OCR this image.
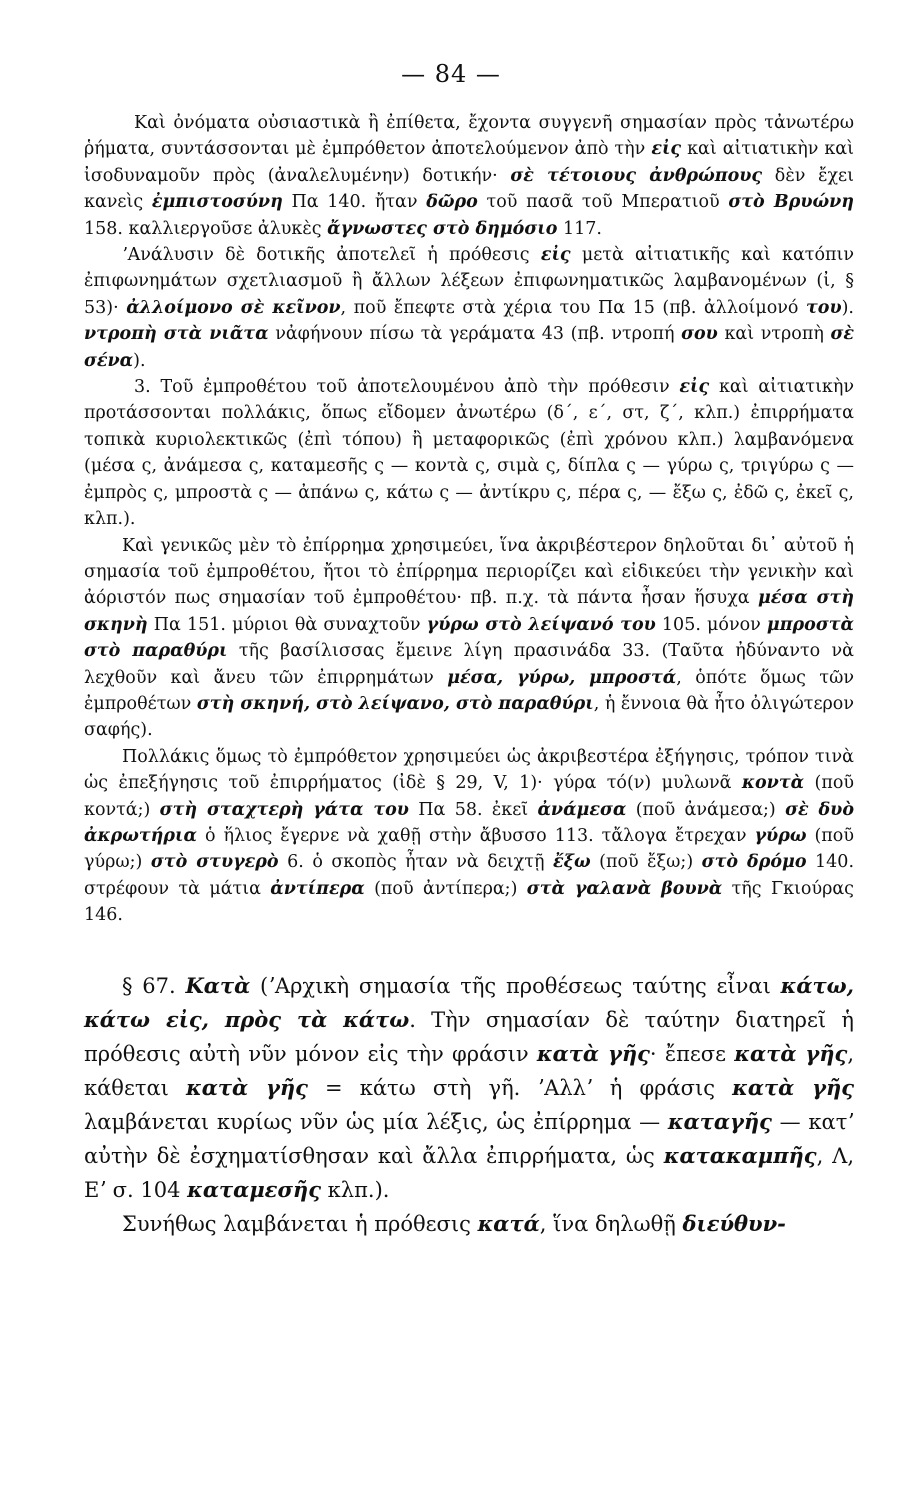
— 84 —

Καὶ ὀνόματα οὐσιαστικὰ ἢ ἐπίθετα, ἔχοντα συγγενῆ σημασίαν πρὸς τἀνωτέρω ῥήματα, συντάσσονται μὲ ἐμπρόθετον ἀποτελούμενον ἀπὸ τὴν εἰς καὶ αἰτιατικὴν καὶ ἰσοδυναμοῦν πρὸς (ἀναλελυμένην) δοτικήν· σὲ τέτοιους ἀνθρώπους δὲν ἔχει κανεὶς ἐμπιστοσύνη Πα 140. ἤταν δῶρο τοῦ πασᾶ τοῦ Μπερατιοῦ στὸ Βρυώνη 158. καλλιεργοῦσε ἀλυκὲς ἄγνωστες στὸ δημόσιο 117.

ʼΑνάλυσιν δὲ δοτικῆς ἀποτελεῖ ἡ πρόθεσις εἰς μετὰ αἰτιατικῆς καὶ κατόπιν ἐπιφωνημάτων σχετλιασμοῦ ἢ ἄλλων λέξεων ἐπιφωνηματικῶς λαμβανομένων (ἰ, § 53)· ἀλλοίμονο σὲ κεῖνον, ποῦ ἔπεφτε στὰ χέρια του Πα 15 (πβ. ἀλλοίμονό του). ντροπὴ στὰ νιᾶτα νἀφήνουν πίσω τὰ γεράματα 43 (πβ. ντροπή σου καὶ ντροπὴ σὲ σένα).

3. Τοῦ ἐμπροθέτου τοῦ ἀποτελουμένου ἀπὸ τὴν πρόθεσιν εἰς καὶ αἰτιατικὴν προτάσσονται πολλάκις, ὅπως εἴδομεν ἀνωτέρω (δ΄, ε΄, στ, ζ΄, κλπ.) ἐπιρρήματα τοπικὰ κυριολεκτικῶς (ἐπὶ τόπου) ἢ μεταφορικῶς (ἐπὶ χρόνου κλπ.) λαμβανόμενα (μέσα ς, ἀνάμεσα ς, καταμεσῆς ς — κοντὰ ς, σιμὰ ς, δίπλα ς — γύρω ς, τριγύρω ς — ἐμπρὸς ς, μπροστὰ ς — ἀπάνω ς, κάτω ς — ἀντίκρυ ς, πέρα ς, — ἔξω ς, ἐδῶ ς, ἐκεῖ ς, κλπ.).

Καὶ γενικῶς μὲν τὸ ἐπίρρημα χρησιμεύει, ἵνα ἀκριβέστερον δηλοῦται δι᾽ αὐτοῦ ἡ σημασία τοῦ ἐμπροθέτου, ἤτοι τὸ ἐπίρρημα περιορίζει καὶ εἰδικεύει τὴν γενικὴν καὶ ἀόριστόν πως σημασίαν τοῦ ἐμπροθέτου· πβ. π.χ. τὰ πάντα ἦσαν ἥσυχα μέσα στὴ σκηνὴ Πα 151. μύριοι θὰ συναχτοῦν γύρω στὸ λείψανό του 105. μόνον μπροστὰ στὸ παραθύρι τῆς βασίλισσας ἔμεινε λίγη πρασινάδα 33. (Ταῦτα ἠδύναντο νὰ λεχθοῦν καὶ ἄνευ τῶν ἐπιρρημάτων μέσα, γύρω, μπροστά, ὁπότε ὅμως τῶν ἐμπροθέτων στὴ σκηνή, στὸ λείψανο, στὸ παραθύρι, ἡ ἔννοια θὰ ἦτο ὀλιγώτερον σαφής).

Πολλάκις ὅμως τὸ ἐμπρόθετον χρησιμεύει ὡς ἀκριβεστέρα ἐξήγησις, τρόπον τινὰ ὡς ἐπεξήγησις τοῦ ἐπιρρήματος (ἰδὲ § 29, V, 1)· γύρα τό(ν) μυλωνᾶ κοντὰ (ποῦ κοντά;) στὴ σταχτερὴ γάτα του Πα 58. ἐκεῖ ἀνάμεσα (ποῦ ἀνάμεσα;) σὲ δυὸ ἀκρωτήρια ὁ ἥλιος ἔγερνε νὰ χαθῇ στὴν ἄβυσσο 113. τἄλογα ἔτρεχαν γύρω (ποῦ γύρω;) στὸ στυγερὸ 6. ὁ σκοπὸς ἦταν νὰ δειχτῇ ἔξω (ποῦ ἔξω;) στὸ δρόμο 140. στρέφουν τὰ μάτια ἀντίπερα (ποῦ ἀντίπερα;) στὰ γαλανὰ βουνὰ τῆς Γκιούρας 146.

§ 67. Κατὰ (ʼΑρχικὴ σημασία τῆς προθέσεως ταύτης εἶναι κάτω, κάτω εἰς, πρὸς τὰ κάτω. Τὴν σημασίαν δὲ ταύτην διατηρεῖ ἡ πρόθεσις αὐτὴ νῦν μόνον εἰς τὴν φράσιν κατὰ γῆς· ἔπεσε κατὰ γῆς, κάθεται κατὰ γῆς = κάτω στὴ γῆ. ʼΑλλʼ ἡ φράσις κατὰ γῆς λαμβάνεται κυρίως νῦν ὡς μία λέξις, ὡς ἐπίρρημα — καταγῆς — κατʼ αὐτὴν δὲ ἐσχηματίσθησαν καὶ ἄλλα ἐπιρρήματα, ὡς κατακαμπῆς, Λ, Εʼ σ. 104 καταμεσῆς κλπ.).

Συνήθως λαμβάνεται ἡ πρόθεσις κατά, ἵνα δηλωθῇ διεύθυν-
